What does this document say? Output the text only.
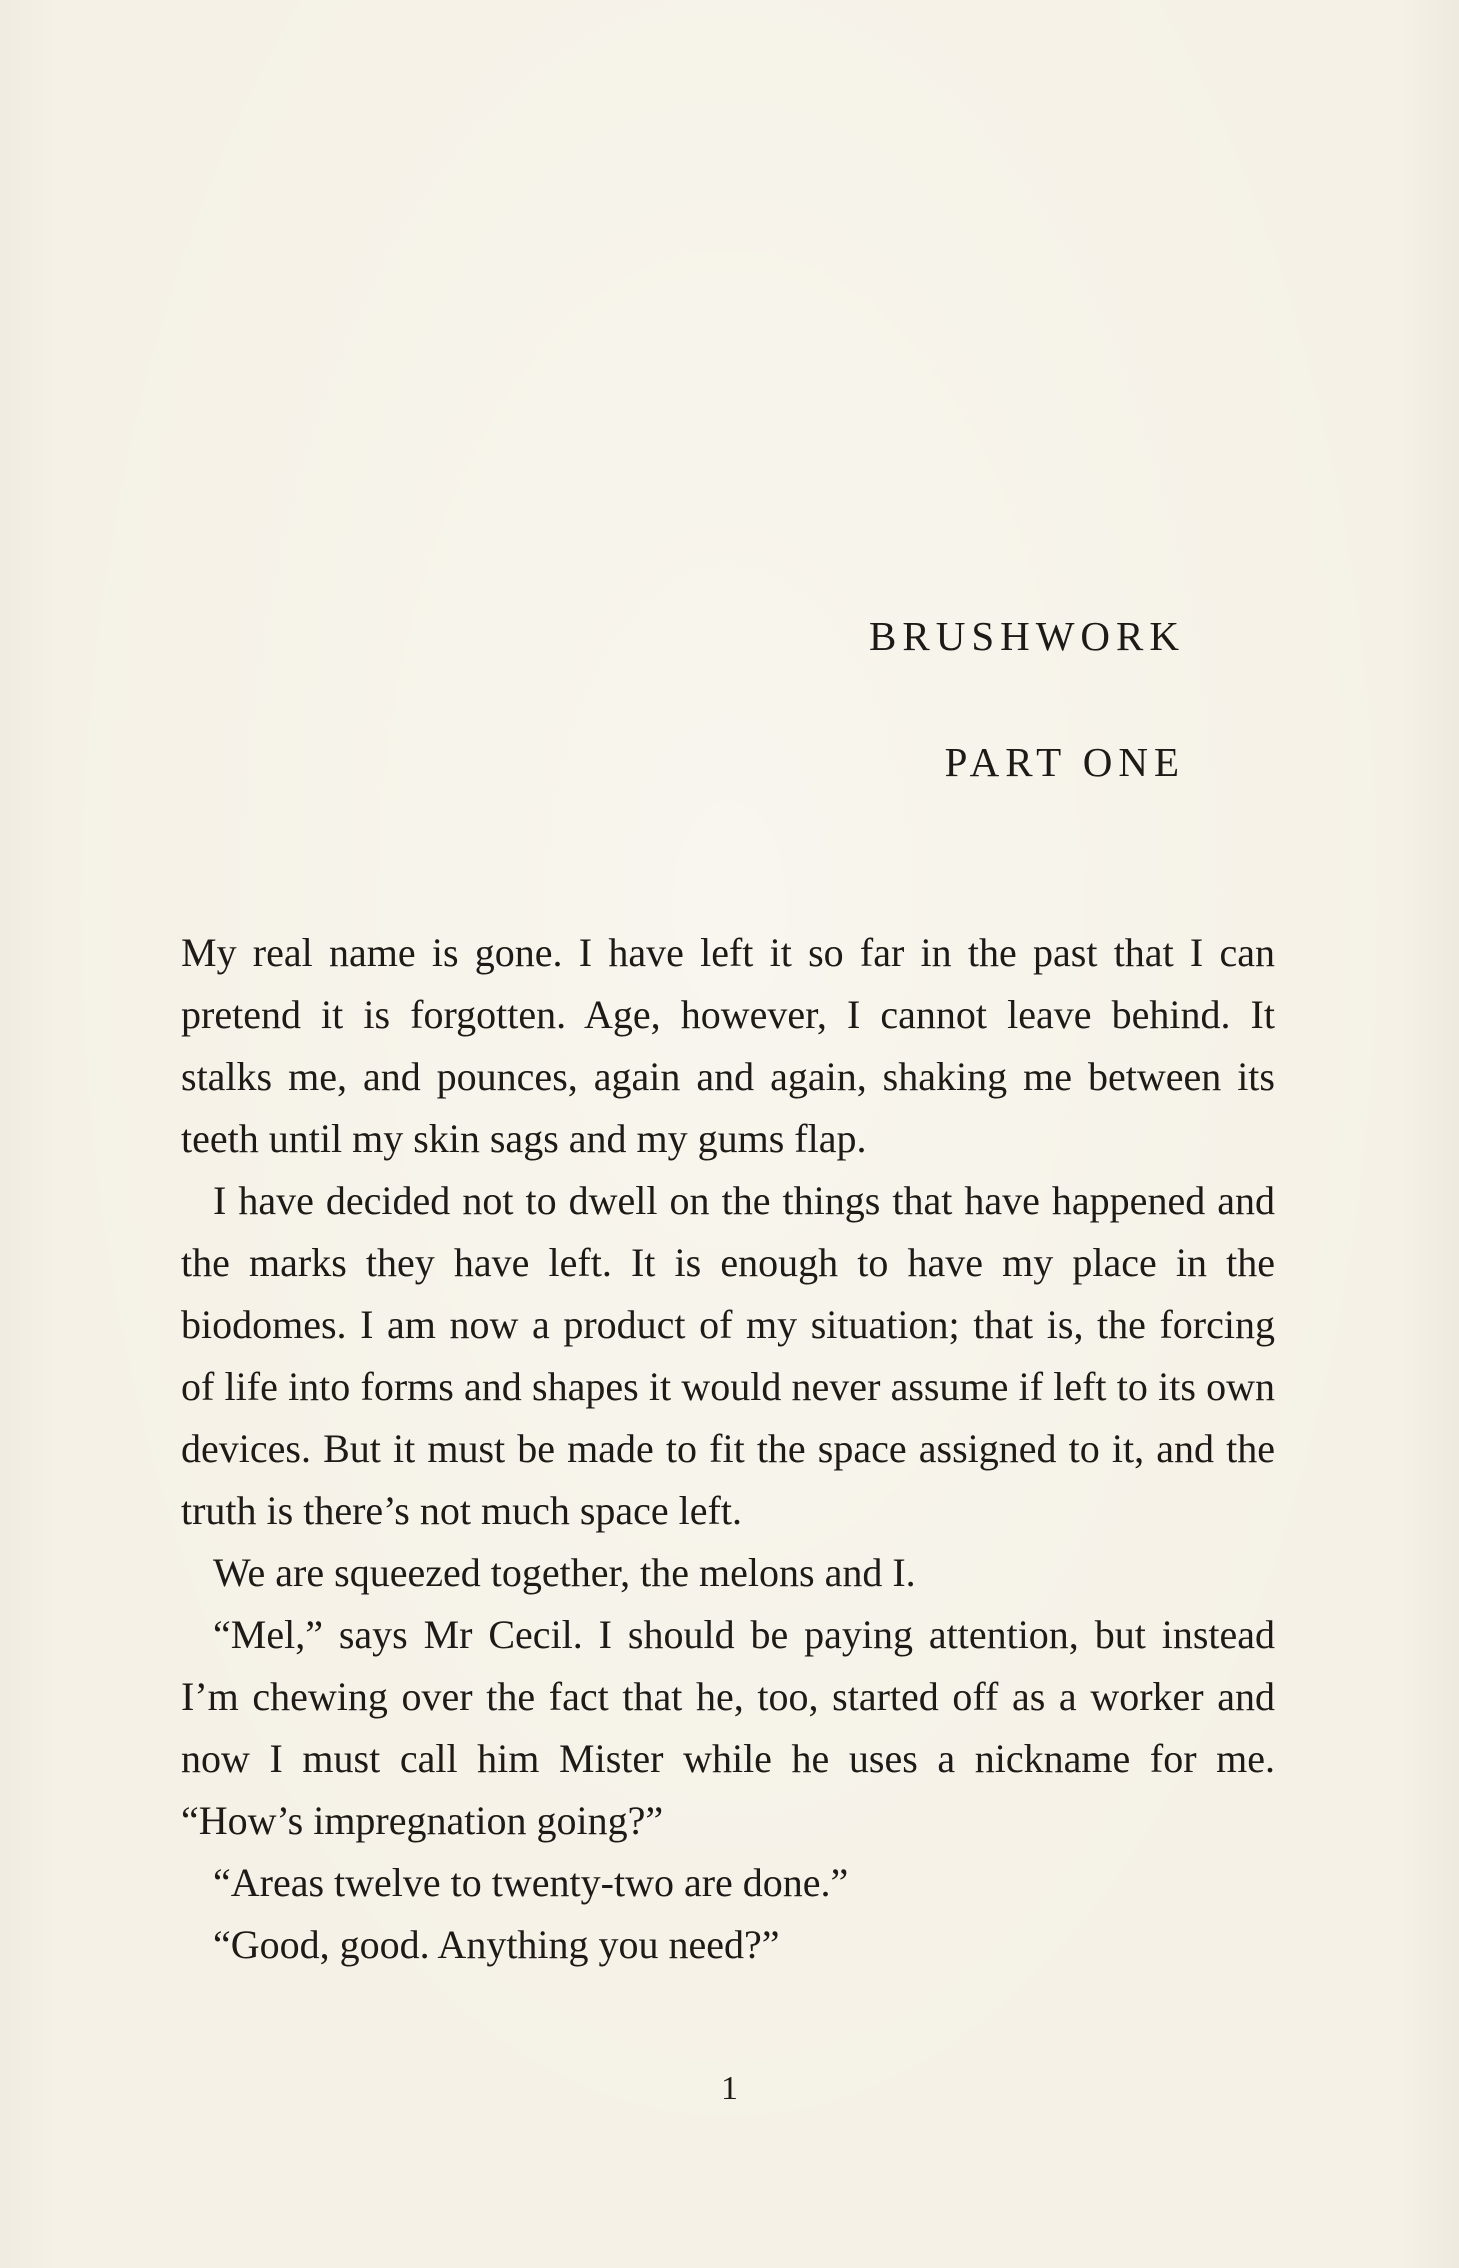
BRUSHWORK
PART ONE

My real name is gone. I have left it so far in the past that I can pretend it is forgotten. Age, however, I cannot leave behind. It stalks me, and pounces, again and again, shaking me between its teeth until my skin sags and my gums flap.

I have decided not to dwell on the things that have happened and the marks they have left. It is enough to have my place in the biodomes. I am now a product of my situation; that is, the forcing of life into forms and shapes it would never assume if left to its own devices. But it must be made to fit the space assigned to it, and the truth is there’s not much space left.

We are squeezed together, the melons and I.

“Mel,” says Mr Cecil. I should be paying attention, but instead I’m chewing over the fact that he, too, started off as a worker and now I must call him Mister while he uses a nickname for me. “How’s impregnation going?”

“Areas twelve to twenty-two are done.”

“Good, good. Anything you need?”

1
